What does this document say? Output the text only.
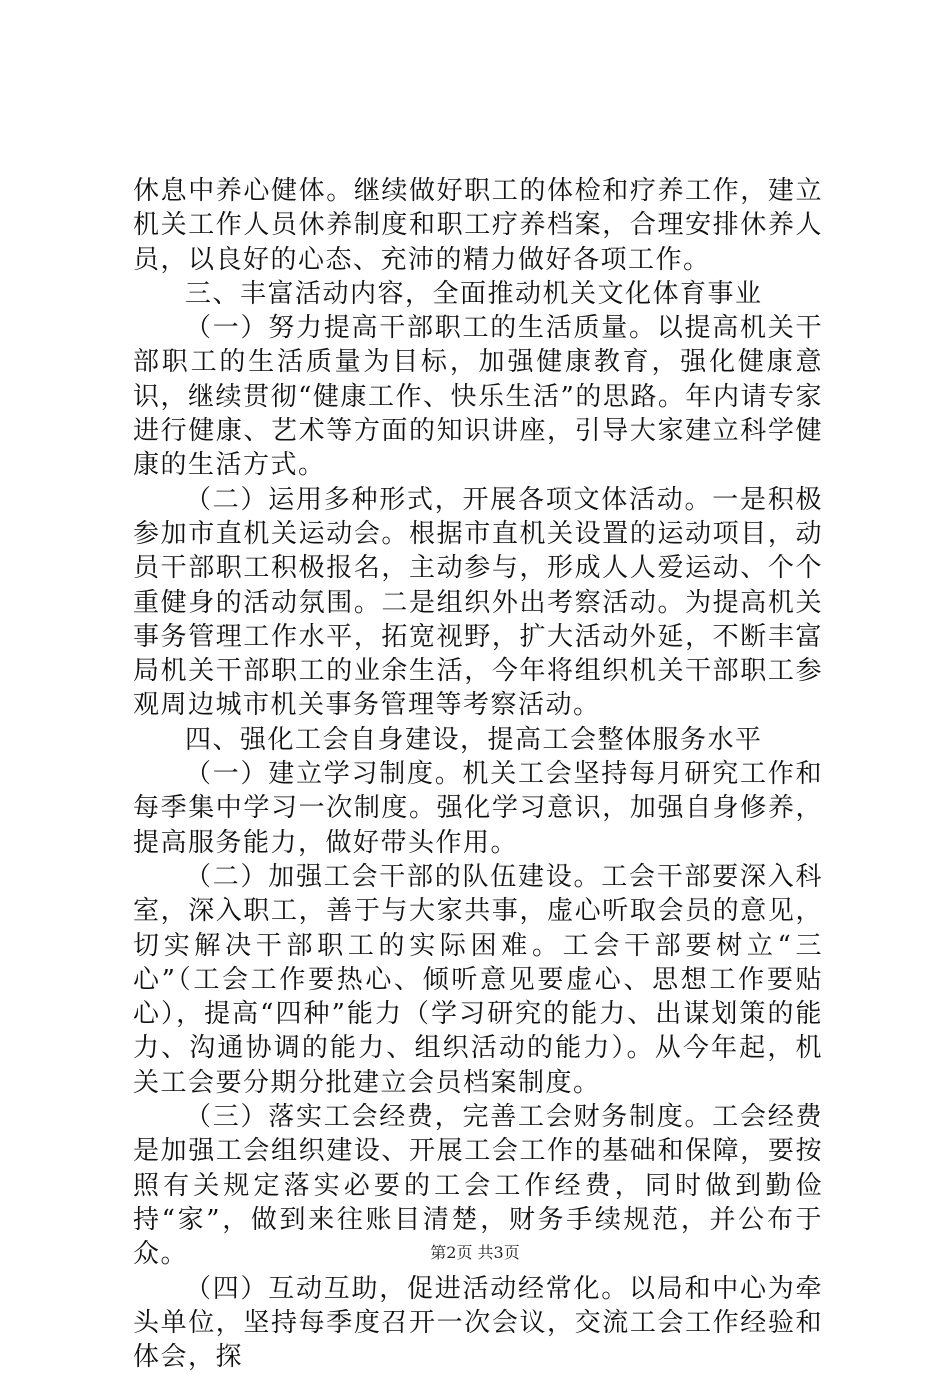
休息中养心健体。继续做好职工的体检和疗养工作，建立机关工作人员休养制度和职工疗养档案，合理安排休养人员，以良好的心态、充沛的精力做好各项工作。

三、丰富活动内容，全面推动机关文化体育事业

（一）努力提高干部职工的生活质量。以提高机关干部职工的生活质量为目标，加强健康教育，强化健康意识，继续贯彻“健康工作、快乐生活”的思路。年内请专家进行健康、艺术等方面的知识讲座，引导大家建立科学健康的生活方式。

（二）运用多种形式，开展各项文体活动。一是积极参加市直机关运动会。根据市直机关设置的运动项目，动员干部职工积极报名，主动参与，形成人人爱运动、个个重健身的活动氛围。二是组织外出考察活动。为提高机关事务管理工作水平，拓宽视野，扩大活动外延，不断丰富局机关干部职工的业余生活，今年将组织机关干部职工参观周边城市机关事务管理等考察活动。

四、强化工会自身建设，提高工会整体服务水平

（一）建立学习制度。机关工会坚持每月研究工作和每季集中学习一次制度。强化学习意识，加强自身修养，提高服务能力，做好带头作用。

（二）加强工会干部的队伍建设。工会干部要深入科室，深入职工，善于与大家共事，虚心听取会员的意见，切实解决干部职工的实际困难。工会干部要树立“三心”（工会工作要热心、倾听意见要虚心、思想工作要贴心），提高“四种”能力（学习研究的能力、出谋划策的能力、沟通协调的能力、组织活动的能力）。从今年起，机关工会要分期分批建立会员档案制度。

（三）落实工会经费，完善工会财务制度。工会经费是加强工会组织建设、开展工会工作的基础和保障，要按照有关规定落实必要的工会工作经费，同时做到勤俭持“家”，做到来往账目清楚，财务手续规范，并公布于众。

（四）互动互助，促进活动经常化。以局和中心为牵头单位，坚持每季度召开一次会议，交流工会工作经验和体会，探

第2页 共3页
